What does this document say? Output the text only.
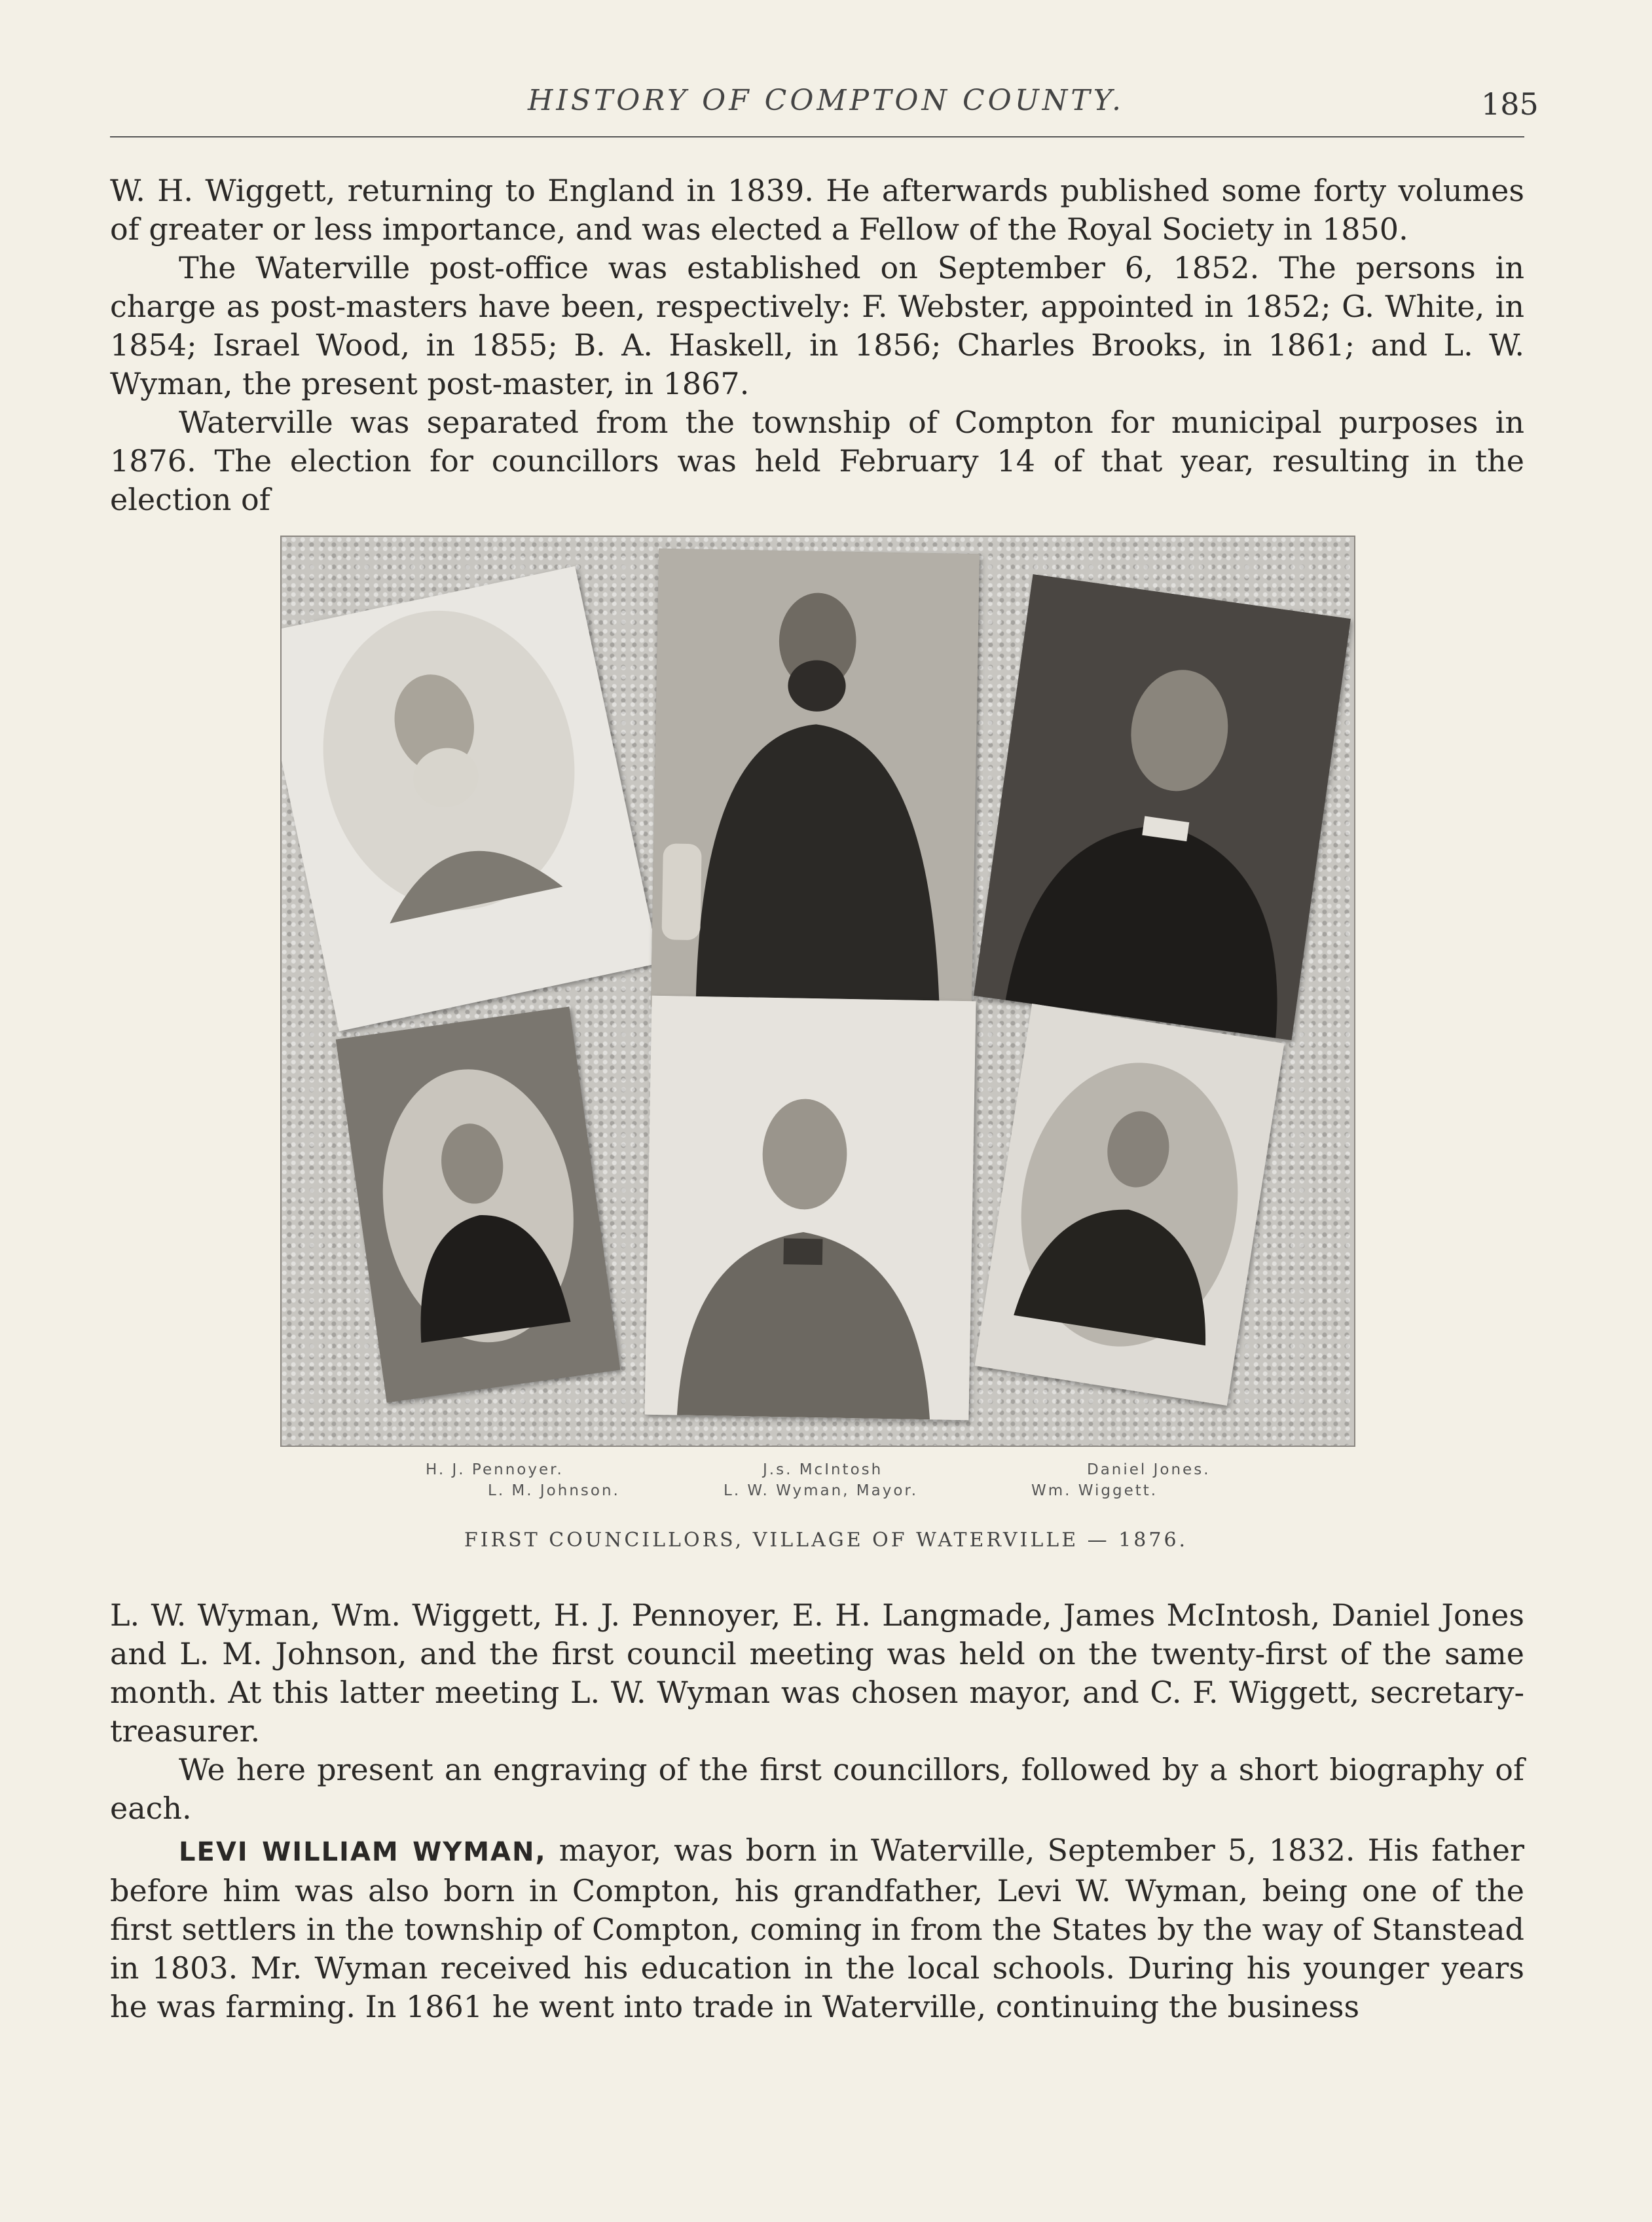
HISTORY OF COMPTON COUNTY.	185

W. H. Wiggett, returning to England in 1839. He afterwards published some forty volumes of greater or less importance, and was elected a Fellow of the Royal Society in 1850.

The Waterville post-office was established on September 6, 1852. The persons in charge as post-masters have been, respectively: F. Webster, appointed in 1852; G. White, in 1854; Israel Wood, in 1855; B. A. Haskell, in 1856; Charles Brooks, in 1861; and L. W. Wyman, the present post-master, in 1867.

Waterville was separated from the township of Compton for municipal purposes in 1876. The election for councillors was held February 14 of that year, resulting in the election of

H. J. Pennoyer.	J.s. McIntosh	Daniel Jones.
L. M. Johnson.	L. W. Wyman, Mayor.	Wm. Wiggett.
FIRST COUNCILLORS, VILLAGE OF WATERVILLE — 1876.

L. W. Wyman, Wm. Wiggett, H. J. Pennoyer, E. H. Langmade, James McIntosh, Daniel Jones and L. M. Johnson, and the first council meeting was held on the twenty-first of the same month. At this latter meeting L. W. Wyman was chosen mayor, and C. F. Wiggett, secretary-treasurer.

We here present an engraving of the first councillors, followed by a short biography of each.

LEVI WILLIAM WYMAN, mayor, was born in Waterville, September 5, 1832. His father before him was also born in Compton, his grandfather, Levi W. Wyman, being one of the first settlers in the township of Compton, coming in from the States by the way of Stanstead in 1803. Mr. Wyman received his education in the local schools. During his younger years he was farming. In 1861 he went into trade in Waterville, continuing the business
